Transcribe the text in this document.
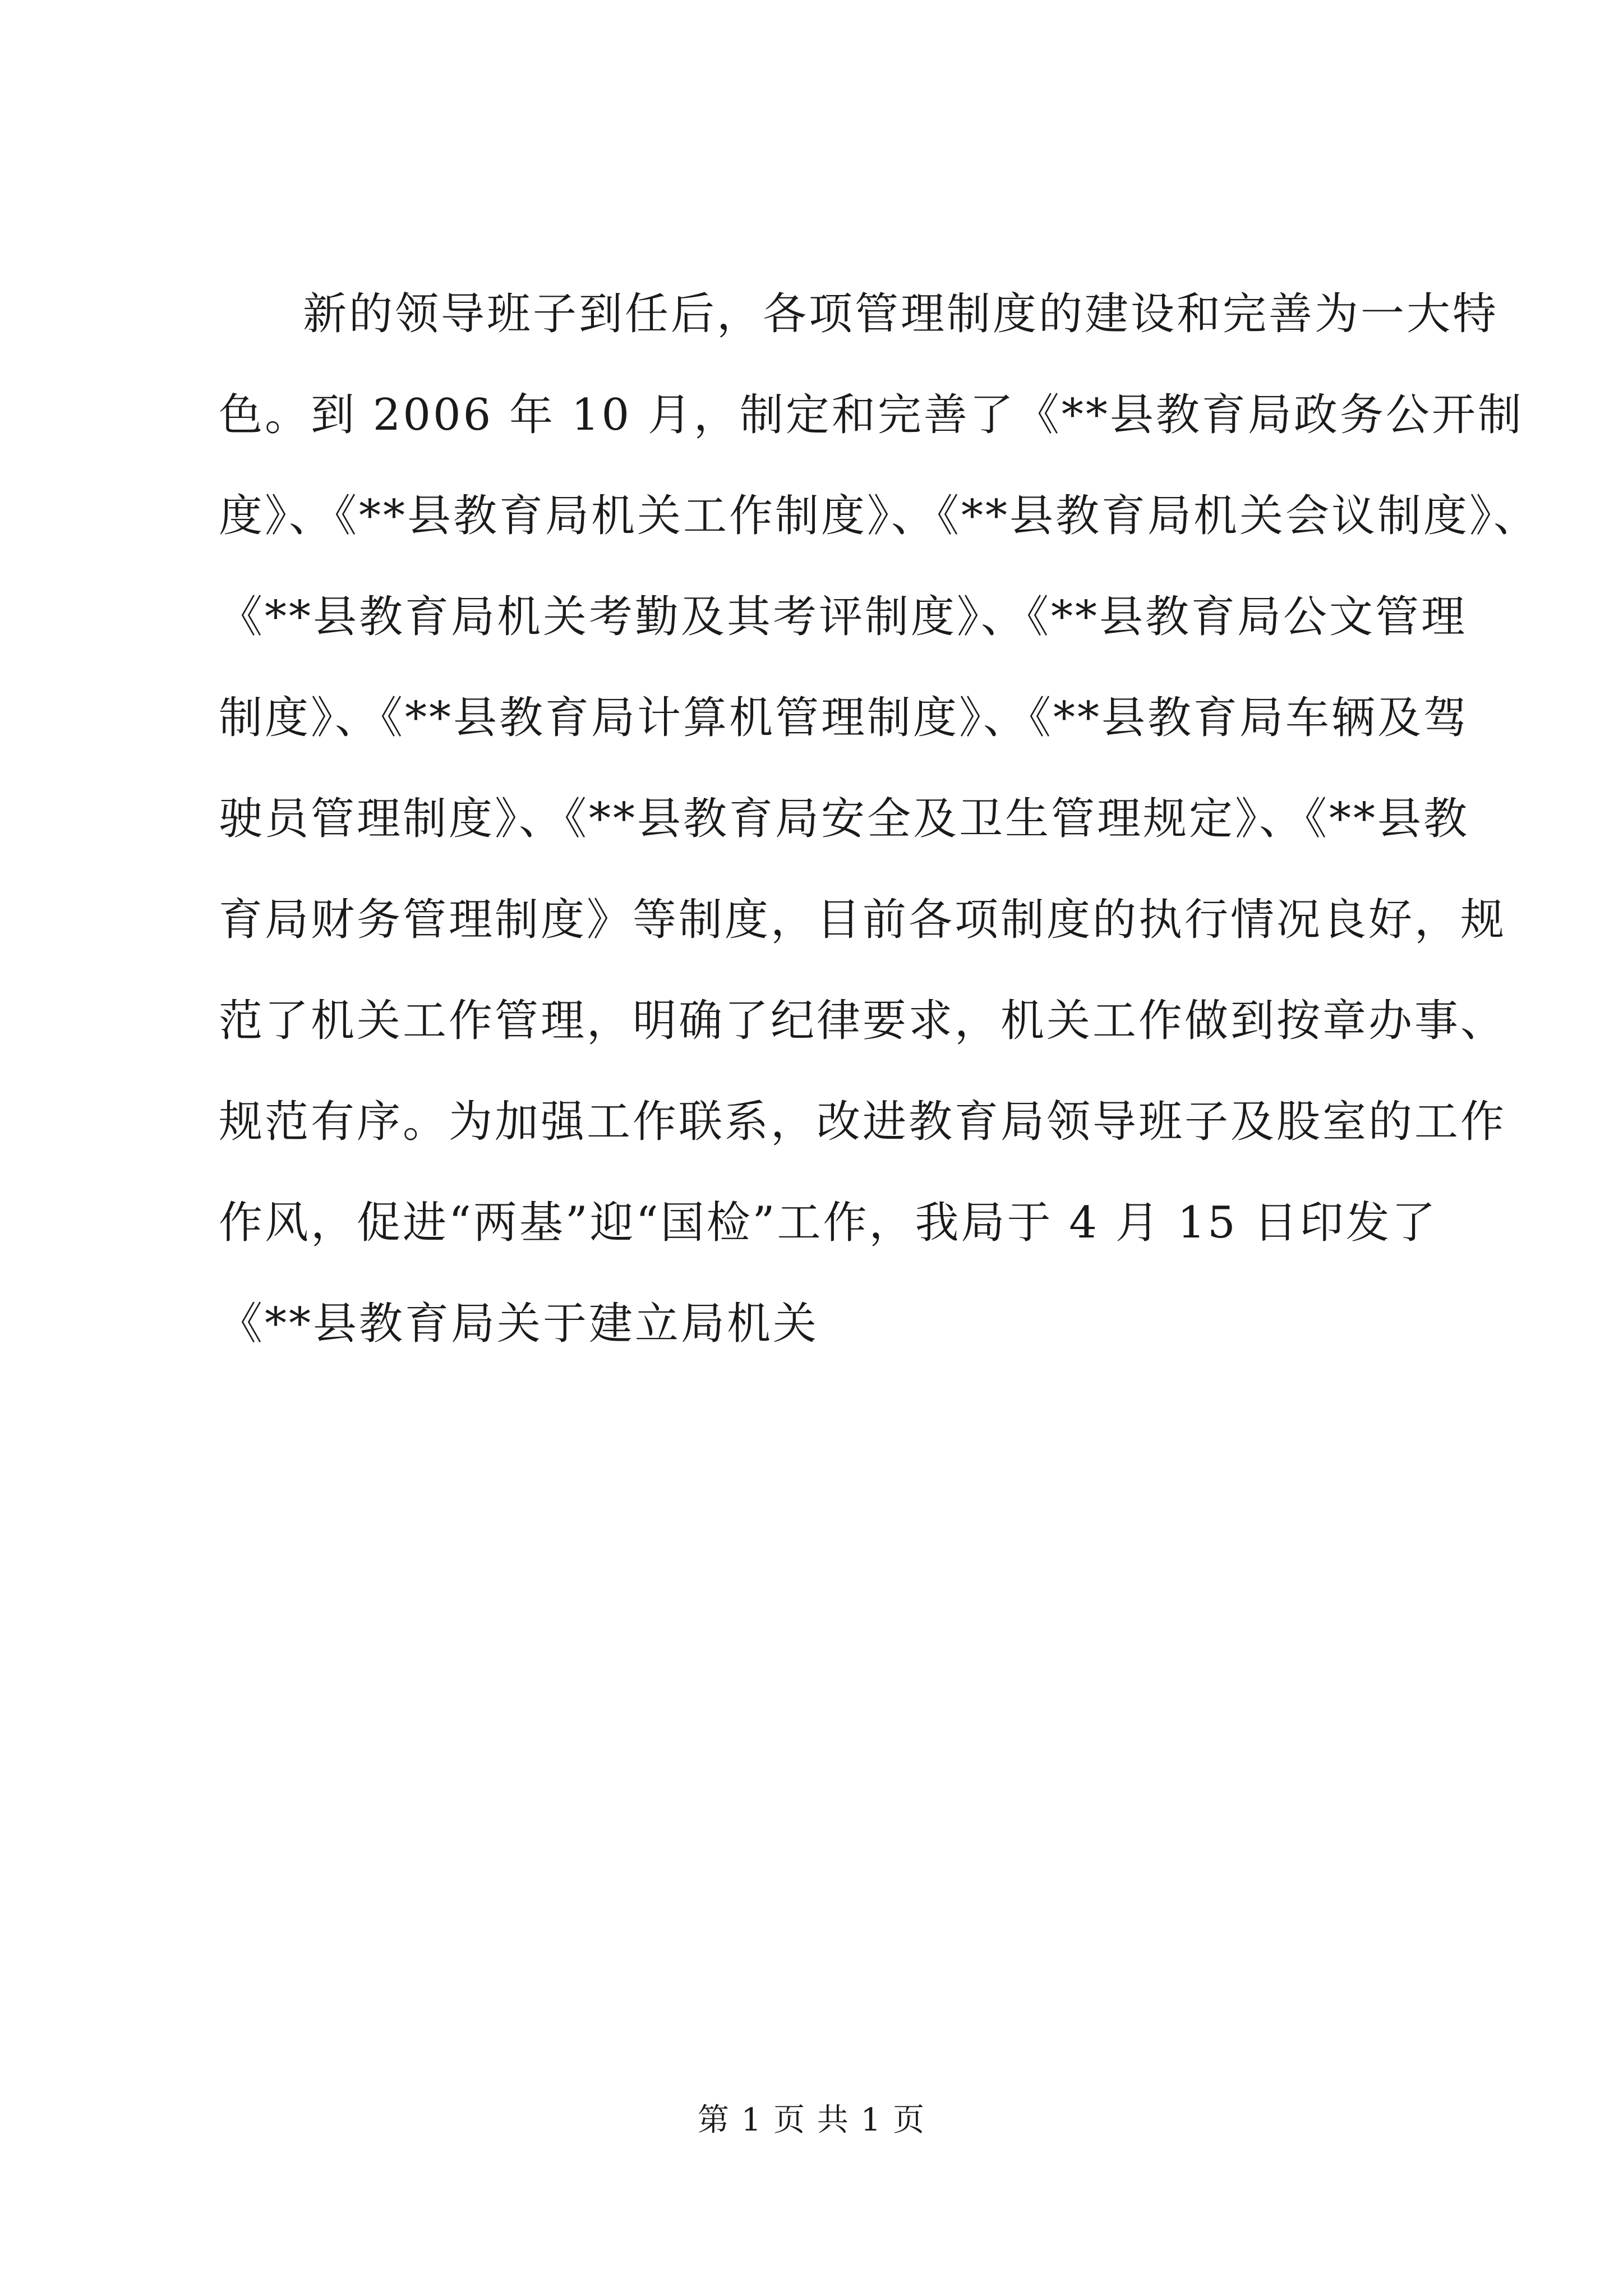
新的领导班子到任后，各项管理制度的建设和完善为一大特
色。到 2006 年 10 月，制定和完善了《**县教育局政务公开制
度》、《**县教育局机关工作制度》、《**县教育局机关会议制度》、
《**县教育局机关考勤及其考评制度》、《**县教育局公文管理
制度》、《**县教育局计算机管理制度》、《**县教育局车辆及驾
驶员管理制度》、《**县教育局安全及卫生管理规定》、《**县教
育局财务管理制度》等制度，目前各项制度的执行情况良好，规
范了机关工作管理，明确了纪律要求，机关工作做到按章办事、
规范有序。为加强工作联系，改进教育局领导班子及股室的工作
作风，促进“两基”迎“国检”工作，我局于 4 月 15 日印发了
《**县教育局关于建立局机关
第 1 页 共 1 页
